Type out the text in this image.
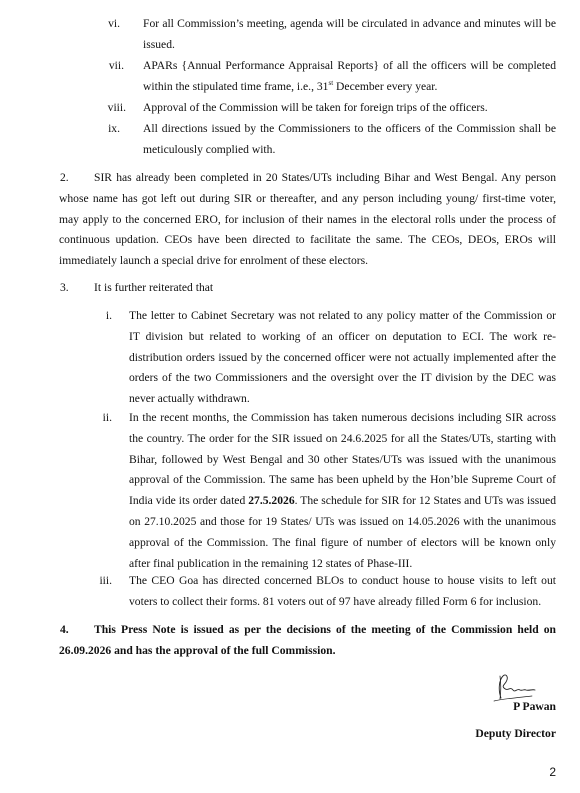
vi. For all Commission’s meeting, agenda will be circulated in advance and minutes will be
issued.
vii. APARs {Annual Performance Appraisal Reports} of all the officers will be completed
within the stipulated time frame, i.e., 31st December every year.
viii. Approval of the Commission will be taken for foreign trips of the officers.
ix. All directions issued by the Commissioners to the officers of the Commission shall be
meticulously complied with.
2.	SIR has already been completed in 20 States/UTs including Bihar and West Bengal. Any person
whose name has got left out during SIR or thereafter, and any person including young/ first-time voter,
may apply to the concerned ERO, for inclusion of their names in the electoral rolls under the process of
continuous updation. CEOs have been directed to facilitate the same. The CEOs, DEOs, EROs will
immediately launch a special drive for enrolment of these electors.
3. It is further reiterated that
i. The letter to Cabinet Secretary was not related to any policy matter of the Commission or
IT division but related to working of an officer on deputation to ECI. The work re-
distribution orders issued by the concerned officer were not actually implemented after the
orders of the two Commissioners and the oversight over the IT division by the DEC was
never actually withdrawn.
ii. In the recent months, the Commission has taken numerous decisions including SIR across
the country. The order for the SIR issued on 24.6.2025 for all the States/UTs, starting with
Bihar, followed by West Bengal and 30 other States/UTs was issued with the unanimous
approval of the Commission. The same has been upheld by the Hon’ble Supreme Court of
India vide its order dated 27.5.2026. The schedule for SIR for 12 States and UTs was issued
on 27.10.2025 and those for 19 States/ UTs was issued on 14.05.2026 with the unanimous
approval of the Commission. The final figure of number of electors will be known only
after final publication in the remaining 12 states of Phase-III.
iii. The CEO Goa has directed concerned BLOs to conduct house to house visits to left out
voters to collect their forms. 81 voters out of 97 have already filled Form 6 for inclusion.
4.	This Press Note is issued as per the decisions of the meeting of the Commission held on
26.09.2026 and has the approval of the full Commission.
P Pawan
Deputy Director
2
